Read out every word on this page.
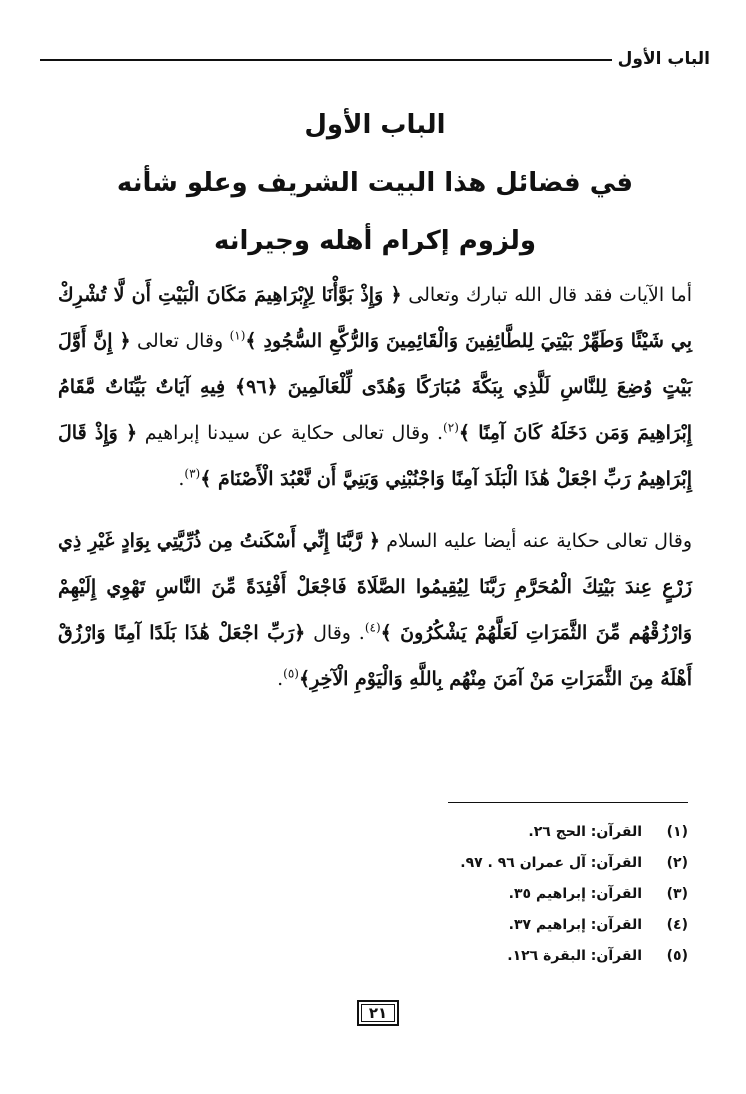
الباب الأول
الباب الأول
في فضائل هذا البيت الشريف وعلو شأنه
ولزوم إكرام أهله وجيرانه

أما الآيات فقد قال الله تبارك وتعالى ﴿ وَإِذْ بَوَّأْنَا لِإِبْرَاهِيمَ مَكَانَ الْبَيْتِ أَن لَّا تُشْرِكْ بِي شَيْئًا وَطَهِّرْ بَيْتِيَ لِلطَّائِفِينَ وَالْقَائِمِينَ وَالرُّكَّعِ السُّجُودِ ﴾$^{(١)}$ وقال تعالى ﴿ إِنَّ أَوَّلَ بَيْتٍ وُضِعَ لِلنَّاسِ لَلَّذِي بِبَكَّةَ مُبَارَكًا وَهُدًى لِّلْعَالَمِينَ ﴿٩٦﴾ فِيهِ آيَاتٌ بَيِّنَاتٌ مَّقَامُ إِبْرَاهِيمَ وَمَن دَخَلَهُ كَانَ آمِنًا ﴾$^{(٢)}$. وقال تعالى حكاية عن سيدنا إبراهيم ﴿ وَإِذْ قَالَ إِبْرَاهِيمُ رَبِّ اجْعَلْ هَٰذَا الْبَلَدَ آمِنًا وَاجْنُبْنِي وَبَنِيَّ أَن نَّعْبُدَ الْأَصْنَامَ ﴾$^{(٣)}$.

وقال تعالى حكاية عنه أيضا عليه السلام ﴿ رَّبَّنَا إِنِّي أَسْكَنتُ مِن ذُرِّيَّتِي بِوَادٍ غَيْرِ ذِي زَرْعٍ عِندَ بَيْتِكَ الْمُحَرَّمِ رَبَّنَا لِيُقِيمُوا الصَّلَاةَ فَاجْعَلْ أَفْئِدَةً مِّنَ النَّاسِ تَهْوِي إِلَيْهِمْ وَارْزُقْهُم مِّنَ الثَّمَرَاتِ لَعَلَّهُمْ يَشْكُرُونَ ﴾$^{(٤)}$. وقال ﴿رَبِّ اجْعَلْ هَٰذَا بَلَدًا آمِنًا وَارْزُقْ أَهْلَهُ مِنَ الثَّمَرَاتِ مَنْ آمَنَ مِنْهُم بِاللَّهِ وَالْيَوْمِ الْآخِرِ﴾$^{(٥)}$.

(١)
القرآن: الحج ٢٦.
(٢)
القرآن: آل عمران ٩٦ . ٩٧.
(٣)
القرآن: إبراهيم ٣٥.
(٤)
القرآن: إبراهيم ٣٧.
(٥)
القرآن: البقرة ١٢٦.
٢١
